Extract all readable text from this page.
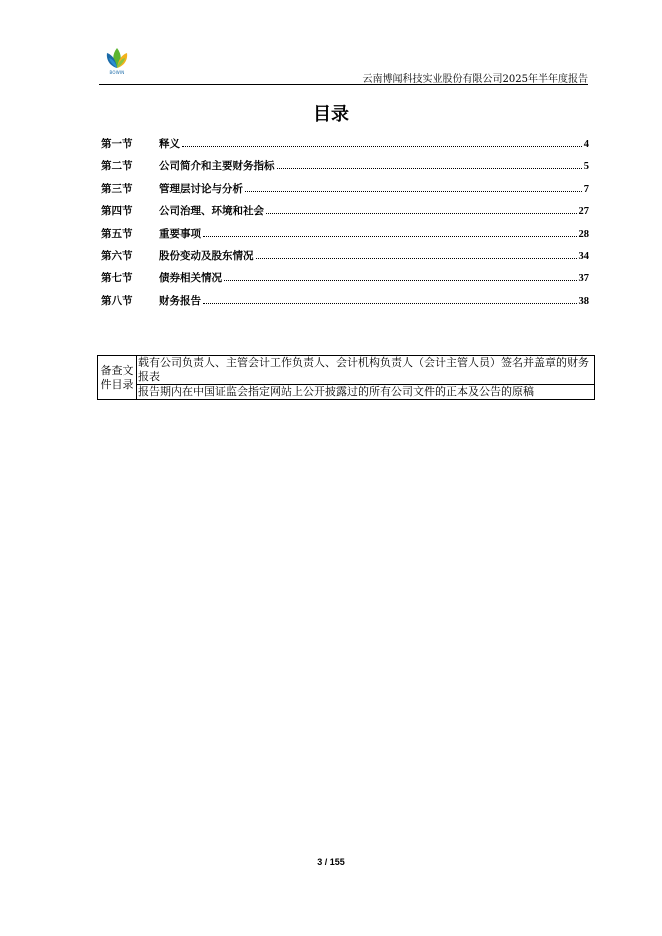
BOWIN
云南博闻科技实业股份有限公司2025年半年度报告
目录
第一节	释义	4
第二节	公司简介和主要财务指标	5
第三节	管理层讨论与分析	7
第四节	公司治理、环境和社会	27
第五节	重要事项	28
第六节	股份变动及股东情况	34
第七节	债券相关情况	37
第八节	财务报告	38
备查文件目录	载有公司负责人、主管会计工作负责人、会计机构负责人（会计主管人员）签名并盖章的财务报表
报告期内在中国证监会指定网站上公开披露过的所有公司文件的正本及公告的原稿
3 / 155
